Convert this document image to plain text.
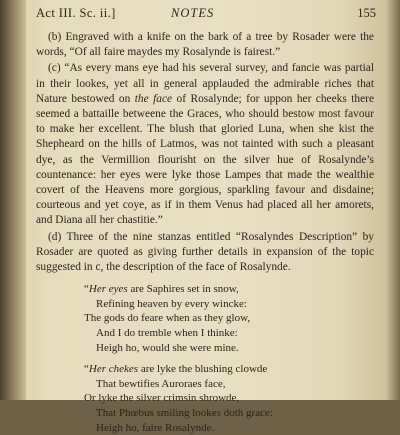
Act III. Sc. ii.]	NOTES	155

(b) Engraved with a knife on the bark of a tree by Rosader were the words, “Of all faire maydes my Rosalynde is fairest.”

(c) “As every mans eye had his several survey, and fancie was partial in their lookes, yet all in general applauded the admirable riches that Nature bestowed on the face of Rosalynde; for uppon her cheeks there seemed a battaille betweene the Graces, who should bestow most favour to make her excellent. The blush that gloried Luna, when she kist the Shepheard on the hills of Latmos, was not tainted with such a pleasant dye, as the Vermillion flourisht on the silver hue of Rosalynde’s countenance: her eyes were lyke those Lampes that made the wealthie covert of the Heavens more gorgious, sparkling favour and disdaine; courteous and yet coye, as if in them Venus had placed all her amorets, and Diana all her chastitie.”

(d) Three of the nine stanzas entitled “Rosalyndes Description” by Rosader are quoted as giving further details in expansion of the topic suggested in c, the description of the face of Rosalynde.

“Her eyes are Saphires set in snow,
Refining heaven by every wincke:
The gods do feare when as they glow,
And I do tremble when I thinke:
Heigh ho, would she were mine.
“Her chekes are lyke the blushing clowde
That bewtifies Auroraes face,
Or lyke the silver crimsin shrowde,
That Phœbus smiling lookes doth grace:
Heigh ho, faire Rosalynde.
